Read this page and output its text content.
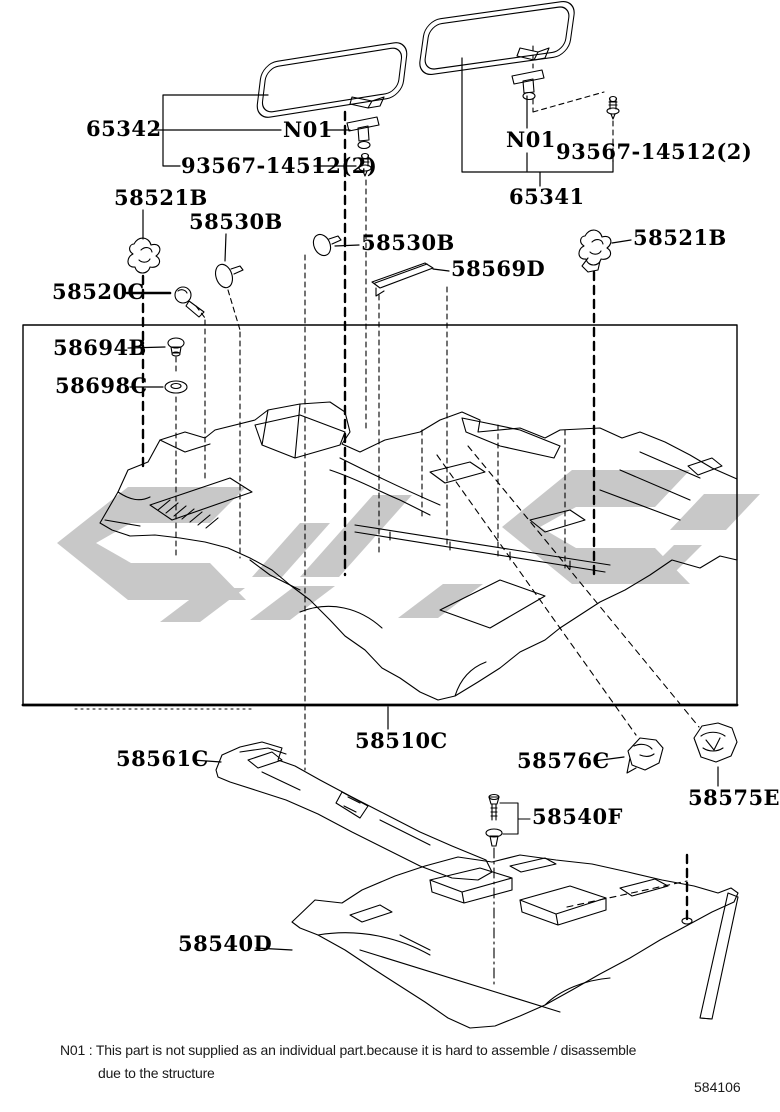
65342	N01
93567-14512(2)
N01 93567-14512(2)
65341
58521B
58530B
58530B
58569D
58521B
58520C
58694B
58698C
58510C
58561C	58576C
58575E
58540F
58540D
N01 : This part is not supplied as an individual part.because it is hard to assemble / disassemble
due to the structure
584106
